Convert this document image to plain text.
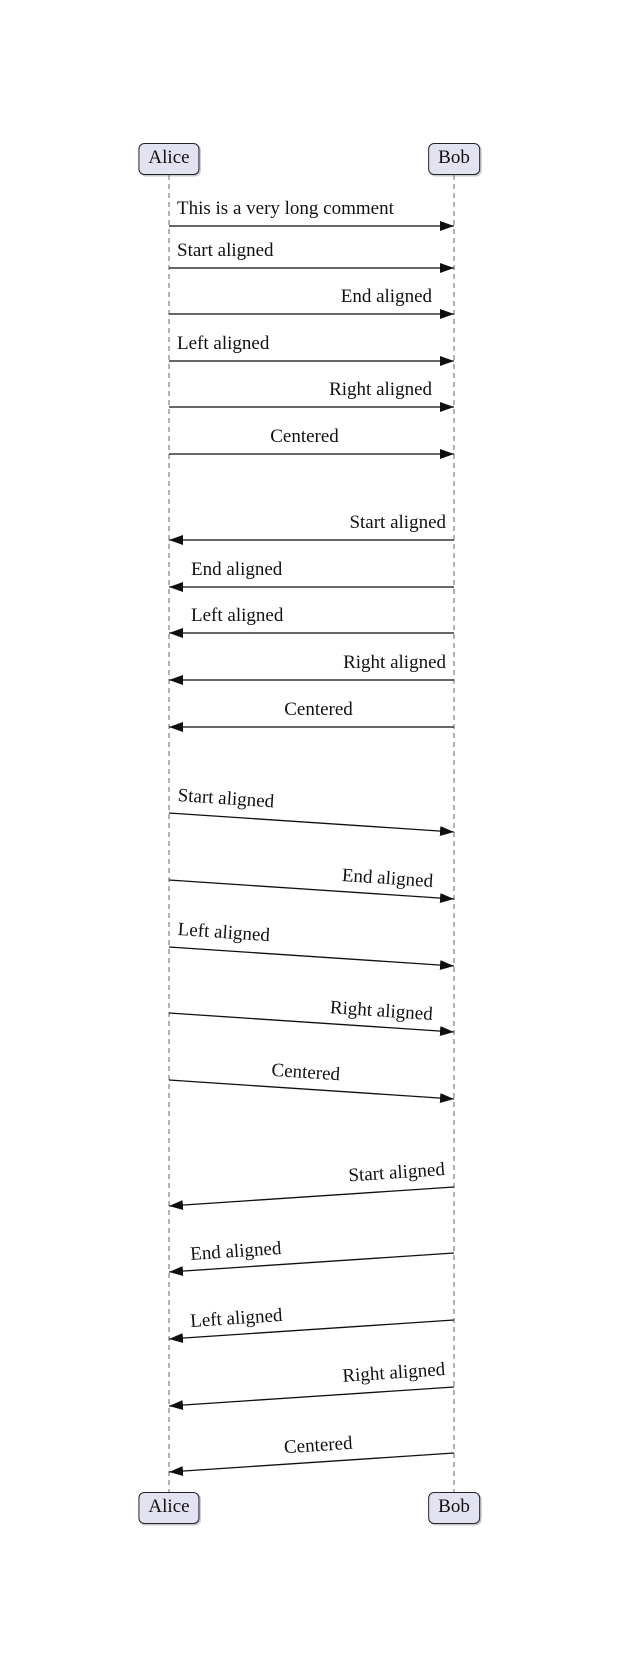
Alice	Bob
Alice	Bob
This is a very long comment
Start aligned
End aligned
Left aligned
Right aligned
Centered
Start aligned
End aligned
Left aligned
Right aligned
Centered
Start aligned
End aligned
Left aligned
Right aligned
Centered
Start aligned
End aligned
Left aligned
Right aligned
Centered
